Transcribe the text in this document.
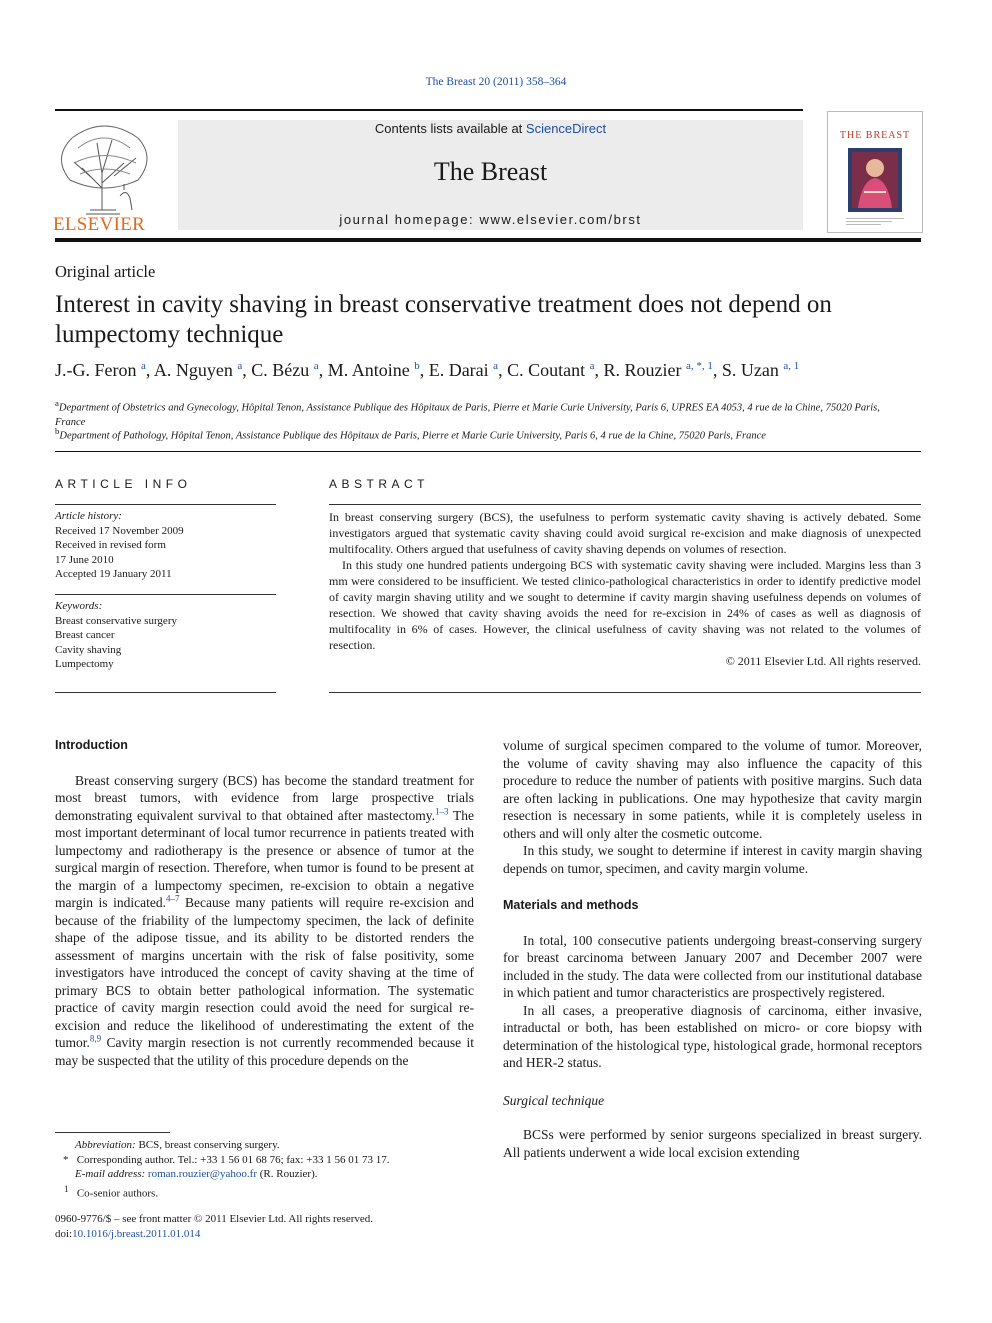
The Breast 20 (2011) 358–364
ELSEVIER
Contents lists available at ScienceDirect
The Breast
journal homepage: www.elsevier.com/brst
THE BREAST
Original article
Interest in cavity shaving in breast conservative treatment does not depend on lumpectomy technique
J.-G. Feron $^a$, A. Nguyen $^a$, C. Bézu $^a$, M. Antoine $^b$, E. Darai $^a$, C. Coutant $^a$, R. Rouzier $^{a, *, 1}$, S. Uzan $^{a, 1}$
$^a$Department of Obstetrics and Gynecology, Hôpital Tenon, Assistance Publique des Hôpitaux de Paris, Pierre et Marie Curie University, Paris 6, UPRES EA 4053, 4 rue de la Chine, 75020 Paris, France
$^b$Department of Pathology, Hôpital Tenon, Assistance Publique des Hôpitaux de Paris, Pierre et Marie Curie University, Paris 6, 4 rue de la Chine, 75020 Paris, France
ARTICLE INFO
Article history:
Received 17 November 2009
Received in revised form
17 June 2010
Accepted 19 January 2011
Keywords:
Breast conservative surgery
Breast cancer
Cavity shaving
Lumpectomy
ABSTRACT

In breast conserving surgery (BCS), the usefulness to perform systematic cavity shaving is actively debated. Some investigators argued that systematic cavity shaving could avoid surgical re-excision and make diagnosis of unexpected multifocality. Others argued that usefulness of cavity shaving depends on volumes of resection.

In this study one hundred patients undergoing BCS with systematic cavity shaving were included. Margins less than 3 mm were considered to be insufficient. We tested clinico-pathological characteristics in order to identify predictive model of cavity margin shaving utility and we sought to determine if cavity margin shaving usefulness depends on volumes of resection. We showed that cavity shaving avoids the need for re-excision in 24% of cases as well as diagnosis of multifocality in 6% of cases. However, the clinical usefulness of cavity shaving was not related to the volumes of resection.

© 2011 Elsevier Ltd. All rights reserved.

Introduction

Breast conserving surgery (BCS) has become the standard treatment for most breast tumors, with evidence from large prospective trials demonstrating equivalent survival to that obtained after mastectomy.$^{1-3}$ The most important determinant of local tumor recurrence in patients treated with lumpectomy and radiotherapy is the presence or absence of tumor at the surgical margin of resection. Therefore, when tumor is found to be present at the margin of a lumpectomy specimen, re-excision to obtain a negative margin is indicated.$^{4-7}$ Because many patients will require re-excision and because of the friability of the lumpectomy specimen, the lack of definite shape of the adipose tissue, and its ability to be distorted renders the assessment of margins uncertain with the risk of false positivity, some investigators have introduced the concept of cavity shaving at the time of primary BCS to obtain better pathological information. The systematic practice of cavity margin resection could avoid the need for surgical re-excision and reduce the likelihood of underestimating the extent of the tumor.$^{8,9}$ Cavity margin resection is not currently recommended because it may be suspected that the utility of this procedure depends on the

volume of surgical specimen compared to the volume of tumor. Moreover, the volume of cavity shaving may also influence the capacity of this procedure to reduce the number of patients with positive margins. Such data are often lacking in publications. One may hypothesize that cavity margin resection is necessary in some patients, while it is completely useless in others and will only alter the cosmetic outcome.

In this study, we sought to determine if interest in cavity margin shaving depends on tumor, specimen, and cavity margin volume.

Materials and methods

In total, 100 consecutive patients undergoing breast-conserving surgery for breast carcinoma between January 2007 and December 2007 were included in the study. The data were collected from our institutional database in which patient and tumor characteristics are prospectively registered.

In all cases, a preoperative diagnosis of carcinoma, either invasive, intraductal or both, has been established on micro- or core biopsy with determination of the histological type, histological grade, hormonal receptors and HER-2 status.

Surgical technique

BCSs were performed by senior surgeons specialized in breast surgery. All patients underwent a wide local excision extending

Abbreviation: BCS, breast conserving surgery.
* Corresponding author. Tel.: +33 1 56 01 68 76; fax: +33 1 56 01 73 17.
E-mail address: roman.rouzier@yahoo.fr (R. Rouzier).
$^1$ Co-senior authors.
0960-9776/$ – see front matter © 2011 Elsevier Ltd. All rights reserved.
doi:10.1016/j.breast.2011.01.014
